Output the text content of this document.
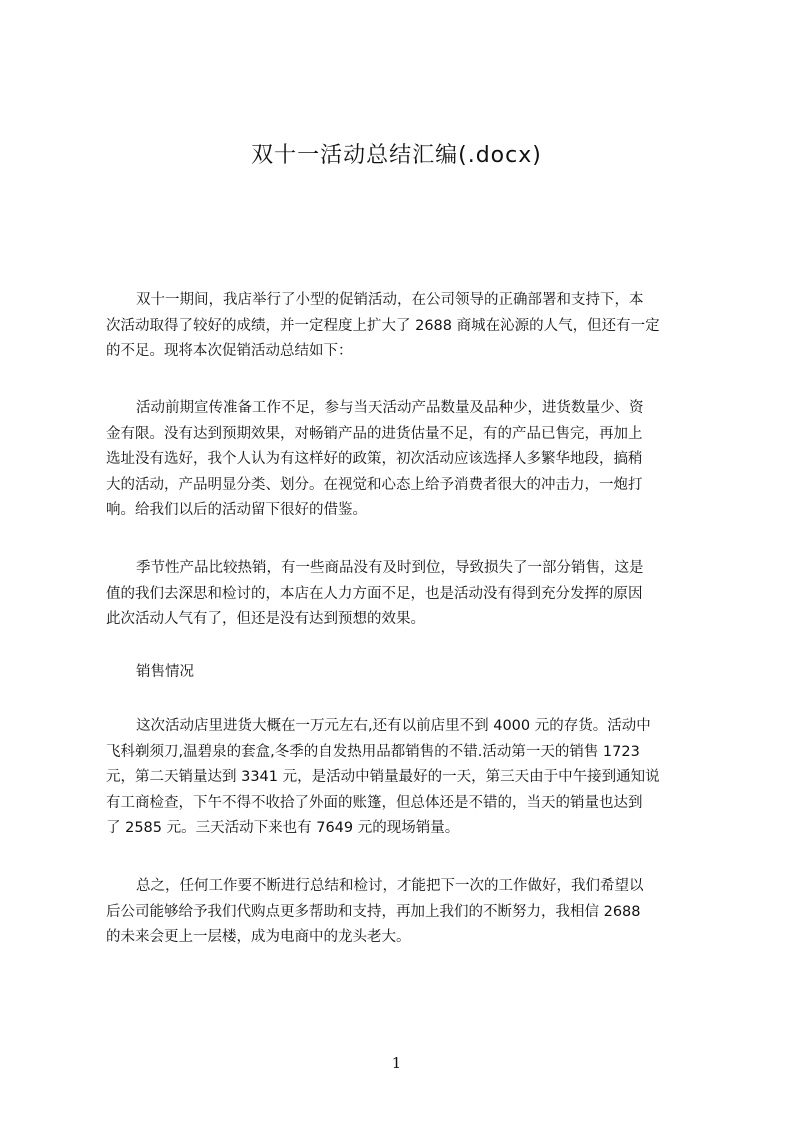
双十一活动总结汇编(.docx)
双十一期间，我店举行了小型的促销活动，在公司领导的正确部署和支持下，本
次活动取得了较好的成绩，并一定程度上扩大了 2688 商城在沁源的人气，但还有一定
的不足。现将本次促销活动总结如下：
活动前期宣传准备工作不足，参与当天活动产品数量及品种少，进货数量少、资
金有限。没有达到预期效果，对畅销产品的进货估量不足，有的产品已售完，再加上
选址没有选好，我个人认为有这样好的政策，初次活动应该选择人多繁华地段，搞稍
大的活动，产品明显分类、划分。在视觉和心态上给予消费者很大的冲击力，一炮打
响。给我们以后的活动留下很好的借鉴。
季节性产品比较热销，有一些商品没有及时到位，导致损失了一部分销售，这是
值的我们去深思和检讨的，本店在人力方面不足，也是活动没有得到充分发挥的原因
此次活动人气有了，但还是没有达到预想的效果。
销售情况
这次活动店里进货大概在一万元左右,还有以前店里不到 4000 元的存货。活动中
飞科剃须刀,温碧泉的套盒,冬季的自发热用品都销售的不错.活动第一天的销售 1723
元，第二天销量达到 3341 元，是活动中销量最好的一天，第三天由于中午接到通知说
有工商检查，下午不得不收拾了外面的账篷，但总体还是不错的，当天的销量也达到
了 2585 元。三天活动下来也有 7649 元的现场销量。
总之，任何工作要不断进行总结和检讨，才能把下一次的工作做好，我们希望以
后公司能够给予我们代购点更多帮助和支持，再加上我们的不断努力，我相信 2688
的未来会更上一层楼，成为电商中的龙头老大。
1
